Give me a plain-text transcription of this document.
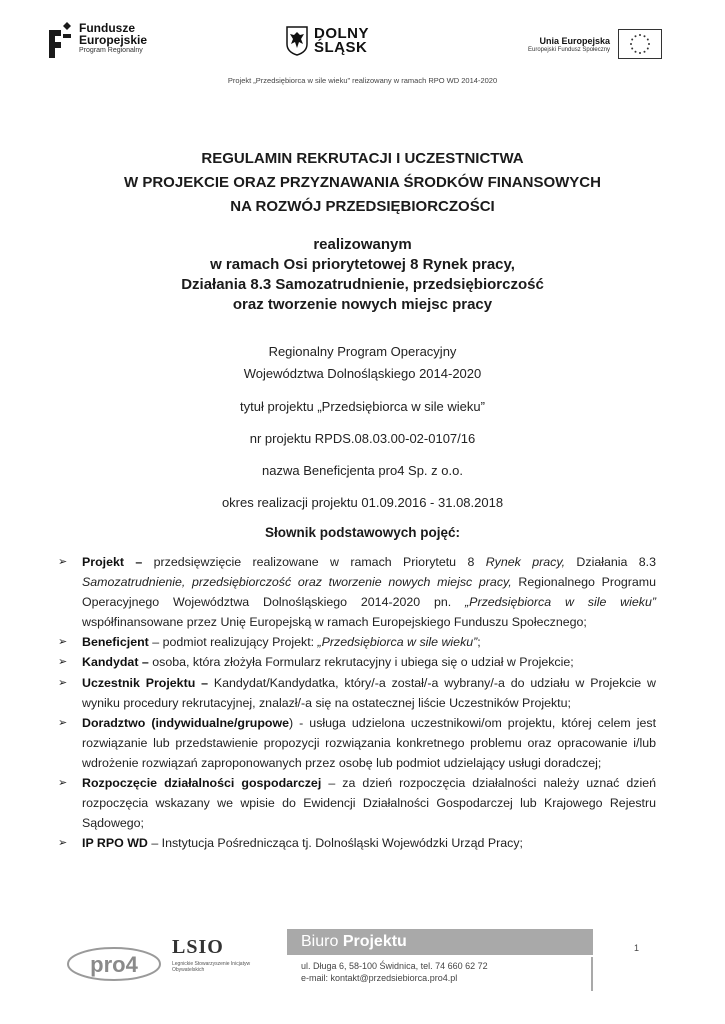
Fundusze
Europejskie
Program Regionalny
DOLNY
ŚLĄSK	Unia Europejska
Europejski Fundusz Społeczny
Projekt „Przedsiębiorca w sile wieku” realizowany w ramach RPO WD 2014-2020
REGULAMIN REKRUTACJI I UCZESTNICTWA
W PROJEKCIE ORAZ PRZYZNAWANIA ŚRODKÓW FINANSOWYCH
NA ROZWÓJ PRZEDSIĘBIORCZOŚCI
realizowanym
w ramach Osi priorytetowej 8 Rynek pracy,
Działania 8.3 Samozatrudnienie, przedsiębiorczość
oraz tworzenie nowych miejsc pracy
Regionalny Program Operacyjny
Województwa Dolnośląskiego 2014-2020
tytuł projektu „Przedsiębiorca w sile wieku”
nr projektu RPDS.08.03.00-02-0107/16
nazwa Beneficjenta pro4 Sp. z o.o.
okres realizacji projektu 01.09.2016 - 31.08.2018
Słownik podstawowych pojęć:
➢ Projekt – przedsięwzięcie realizowane w ramach Priorytetu 8 Rynek pracy, Działania 8.3 Samozatrudnienie, przedsiębiorczość oraz tworzenie nowych miejsc pracy, Regionalnego Programu Operacyjnego Województwa Dolnośląskiego 2014-2020 pn. „Przedsiębiorca w sile wieku” współfinansowane przez Unię Europejską w ramach Europejskiego Funduszu Społecznego;
➢ Beneficjent – podmiot realizujący Projekt: „Przedsiębiorca w sile wieku”;
➢ Kandydat – osoba, która złożyła Formularz rekrutacyjny i ubiega się o udział w Projekcie;
➢ Uczestnik Projektu – Kandydat/Kandydatka, który/-a został/-a wybrany/-a do udziału w Projekcie w wyniku procedury rekrutacyjnej, znalazł/-a się na ostatecznej liście Uczestników Projektu;
➢ Doradztwo (indywidualne/grupowe) - usługa udzielona uczestnikowi/om projektu, której celem jest rozwiązanie lub przedstawienie propozycji rozwiązania konkretnego problemu oraz opracowanie i/lub wdrożenie rozwiązań zaproponowanych przez osobę lub podmiot udzielający usługi doradczej;
➢ Rozpoczęcie działalności gospodarczej – za dzień rozpoczęcia działalności należy uznać dzień rozpoczęcia wskazany we wpisie do Ewidencji Działalności Gospodarczej lub Krajowego Rejestru Sądowego;
➢ IP RPO WD – Instytucja Pośrednicząca tj. Dolnośląski Wojewódzki Urząd Pracy;
pro4
LSIO
Legnickie Stowarzyszenie Inicjatyw Obywatelskich
Biuro Projektu
ul. Długa 6, 58-100 Świdnica, tel. 74 660 62 72
e-mail: kontakt@przedsiebiorca.pro4.pl
1
